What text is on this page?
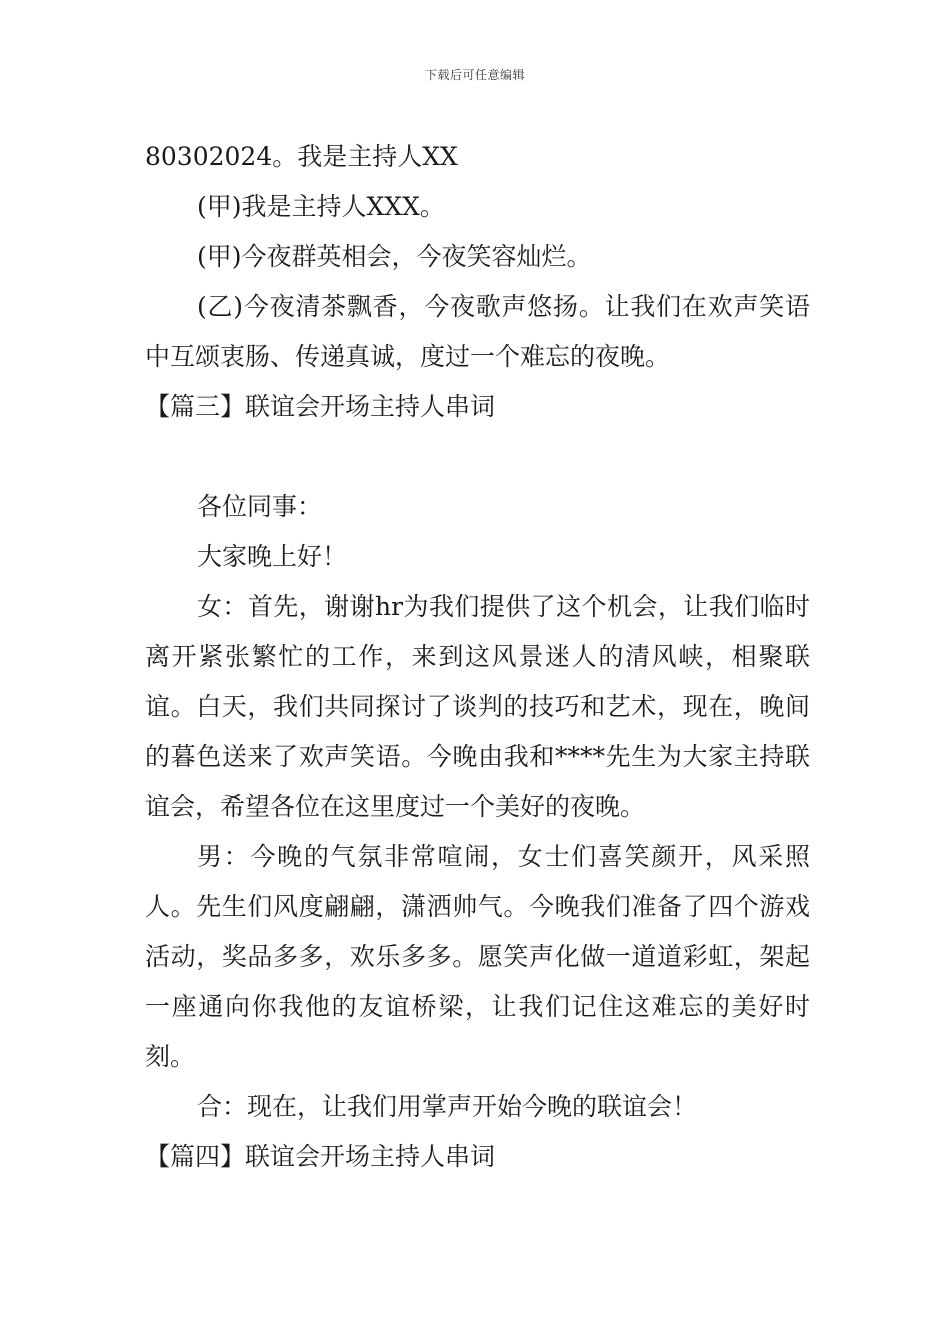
下载后可任意编辑

80302024。我是主持人XX

(甲)我是主持人XXX。

(甲)今夜群英相会，今夜笑容灿烂。

(乙)今夜清茶飘香，今夜歌声悠扬。让我们在欢声笑语中互颂衷肠、传递真诚，度过一个难忘的夜晚。

【篇三】联谊会开场主持人串词

各位同事：

大家晚上好！

女：首先，谢谢hr为我们提供了这个机会，让我们临时离开紧张繁忙的工作，来到这风景迷人的清风峡，相聚联谊。白天，我们共同探讨了谈判的技巧和艺术，现在，晚间的暮色送来了欢声笑语。今晚由我和****先生为大家主持联谊会，希望各位在这里度过一个美好的夜晚。

男：今晚的气氛非常喧闹，女士们喜笑颜开，风采照人。先生们风度翩翩，潇洒帅气。今晚我们准备了四个游戏活动，奖品多多，欢乐多多。愿笑声化做一道道彩虹，架起一座通向你我他的友谊桥梁，让我们记住这难忘的美好时刻。

合：现在，让我们用掌声开始今晚的联谊会！

【篇四】联谊会开场主持人串词
